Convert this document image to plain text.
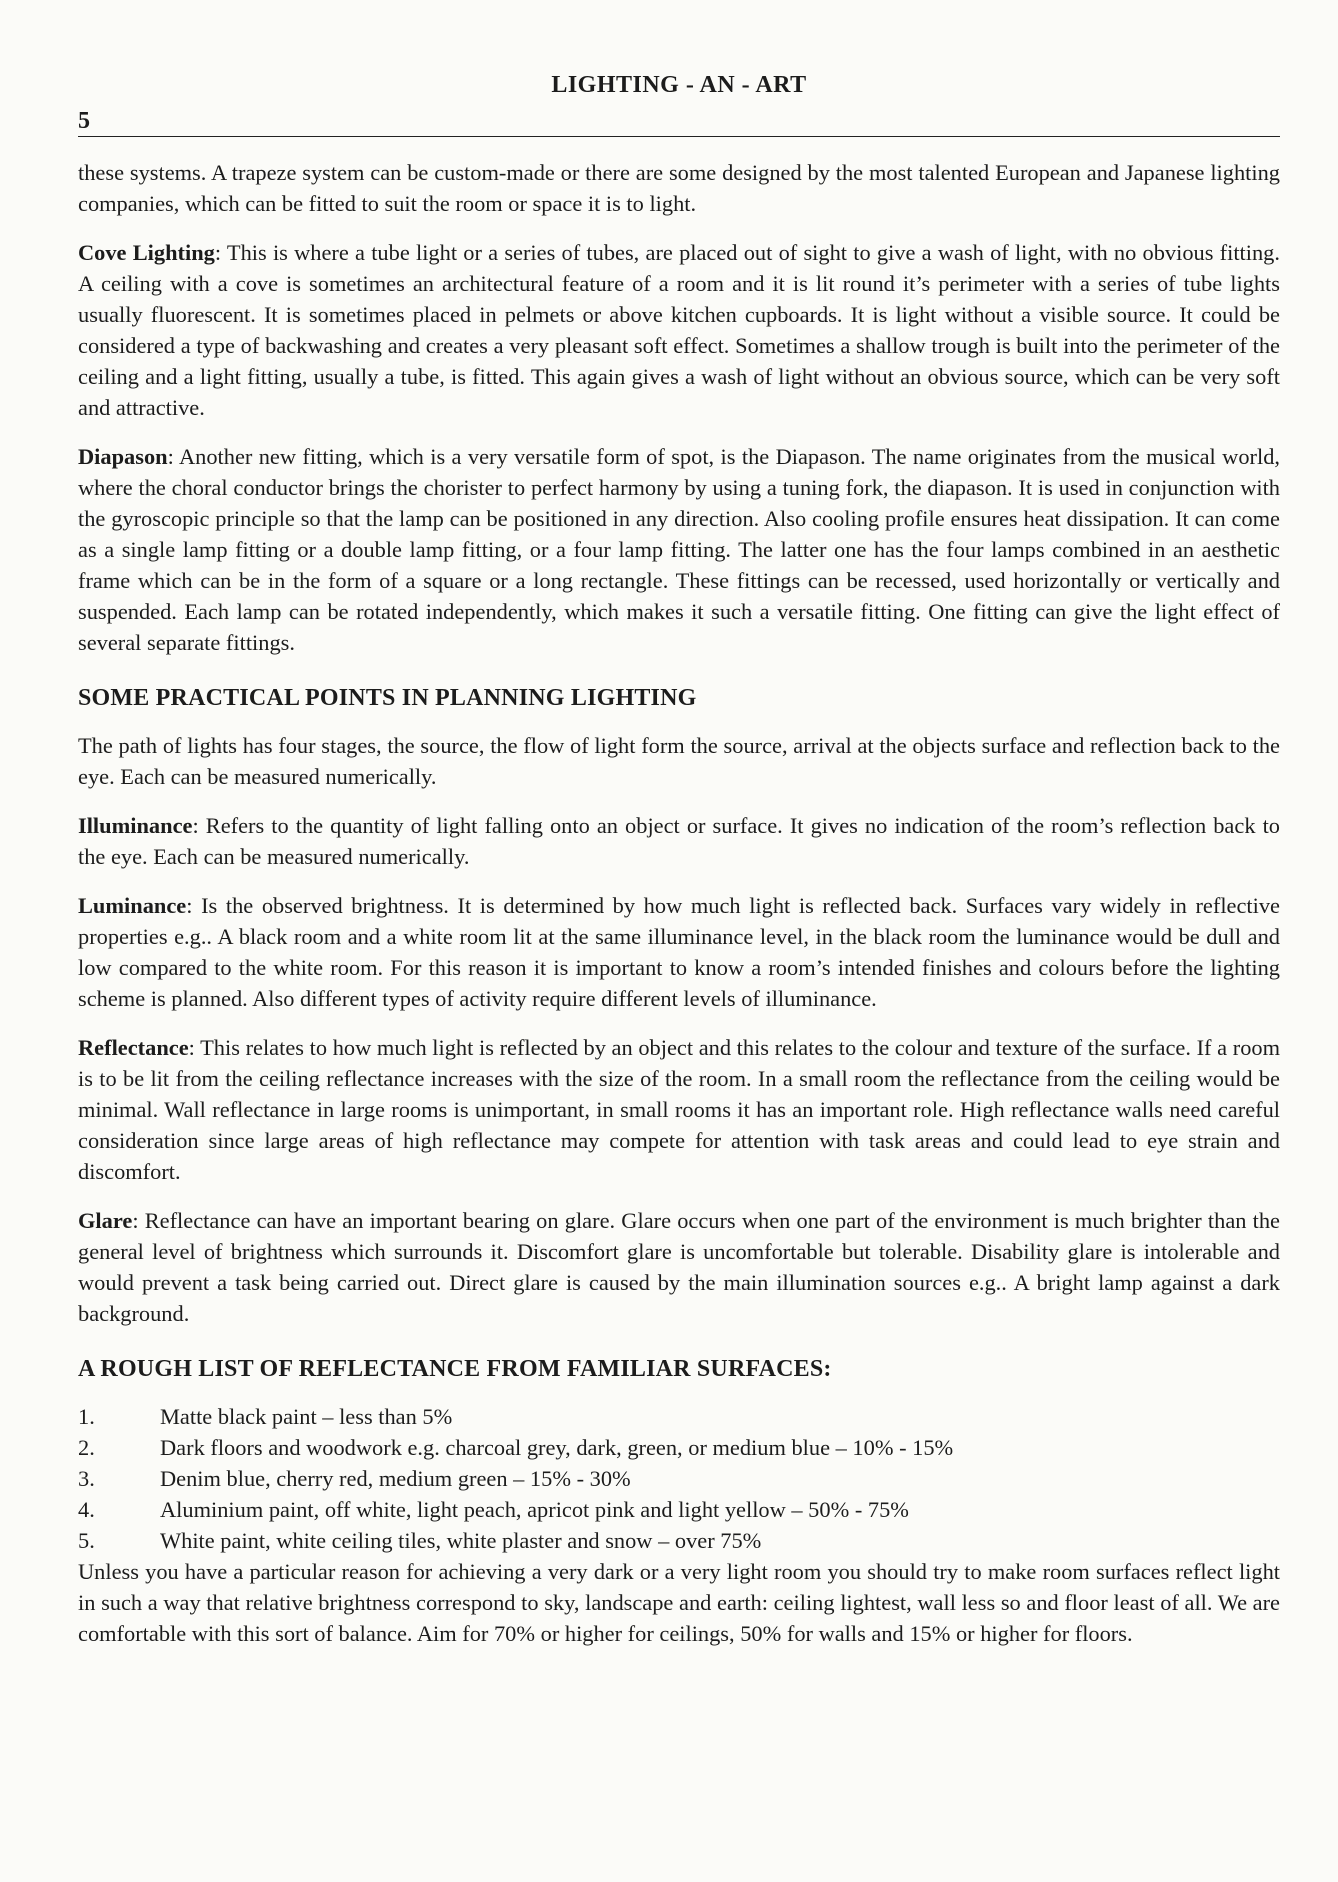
LIGHTING - AN - ART
5

these systems. A trapeze system can be custom-made or there are some designed by the most talented European and Japanese lighting companies, which can be fitted to suit the room or space it is to light.

Cove Lighting: This is where a tube light or a series of tubes, are placed out of sight to give a wash of light, with no obvious fitting. A ceiling with a cove is sometimes an architectural feature of a room and it is lit round it’s perimeter with a series of tube lights usually fluorescent. It is sometimes placed in pelmets or above kitchen cupboards. It is light without a visible source. It could be considered a type of backwashing and creates a very pleasant soft effect. Sometimes a shallow trough is built into the perimeter of the ceiling and a light fitting, usually a tube, is fitted. This again gives a wash of light without an obvious source, which can be very soft and attractive.

Diapason: Another new fitting, which is a very versatile form of spot, is the Diapason. The name originates from the musical world, where the choral conductor brings the chorister to perfect harmony by using a tuning fork, the diapason. It is used in conjunction with the gyroscopic principle so that the lamp can be positioned in any direction. Also cooling profile ensures heat dissipation. It can come as a single lamp fitting or a double lamp fitting, or a four lamp fitting. The latter one has the four lamps combined in an aesthetic frame which can be in the form of a square or a long rectangle. These fittings can be recessed, used horizontally or vertically and suspended. Each lamp can be rotated independently, which makes it such a versatile fitting. One fitting can give the light effect of several separate fittings.

SOME PRACTICAL POINTS IN PLANNING LIGHTING

The path of lights has four stages, the source, the flow of light form the source, arrival at the objects surface and reflection back to the eye. Each can be measured numerically.

Illuminance: Refers to the quantity of light falling onto an object or surface. It gives no indication of the room’s reflection back to the eye. Each can be measured numerically.

Luminance: Is the observed brightness. It is determined by how much light is reflected back. Surfaces vary widely in reflective properties e.g.. A black room and a white room lit at the same illuminance level, in the black room the luminance would be dull and low compared to the white room. For this reason it is important to know a room’s intended finishes and colours before the lighting scheme is planned. Also different types of activity require different levels of illuminance.

Reflectance: This relates to how much light is reflected by an object and this relates to the colour and texture of the surface. If a room is to be lit from the ceiling reflectance increases with the size of the room. In a small room the reflectance from the ceiling would be minimal. Wall reflectance in large rooms is unimportant, in small rooms it has an important role. High reflectance walls need careful consideration since large areas of high reflectance may compete for attention with task areas and could lead to eye strain and discomfort.

Glare: Reflectance can have an important bearing on glare. Glare occurs when one part of the environment is much brighter than the general level of brightness which surrounds it. Discomfort glare is uncomfortable but tolerable. Disability glare is intolerable and would prevent a task being carried out. Direct glare is caused by the main illumination sources e.g.. A bright lamp against a dark background.

A ROUGH LIST OF REFLECTANCE FROM FAMILIAR SURFACES:
1.	Matte black paint – less than 5%
2.	Dark floors and woodwork e.g. charcoal grey, dark, green, or medium blue – 10% - 15%
3.	Denim blue, cherry red, medium green – 15% - 30%
4.	Aluminium paint, off white, light peach, apricot pink and light yellow – 50% - 75%
5.	White paint, white ceiling tiles, white plaster and snow – over 75%

Unless you have a particular reason for achieving a very dark or a very light room you should try to make room surfaces reflect light in such a way that relative brightness correspond to sky, landscape and earth: ceiling lightest, wall less so and floor least of all. We are comfortable with this sort of balance. Aim for 70% or higher for ceilings, 50% for walls and 15% or higher for floors.
